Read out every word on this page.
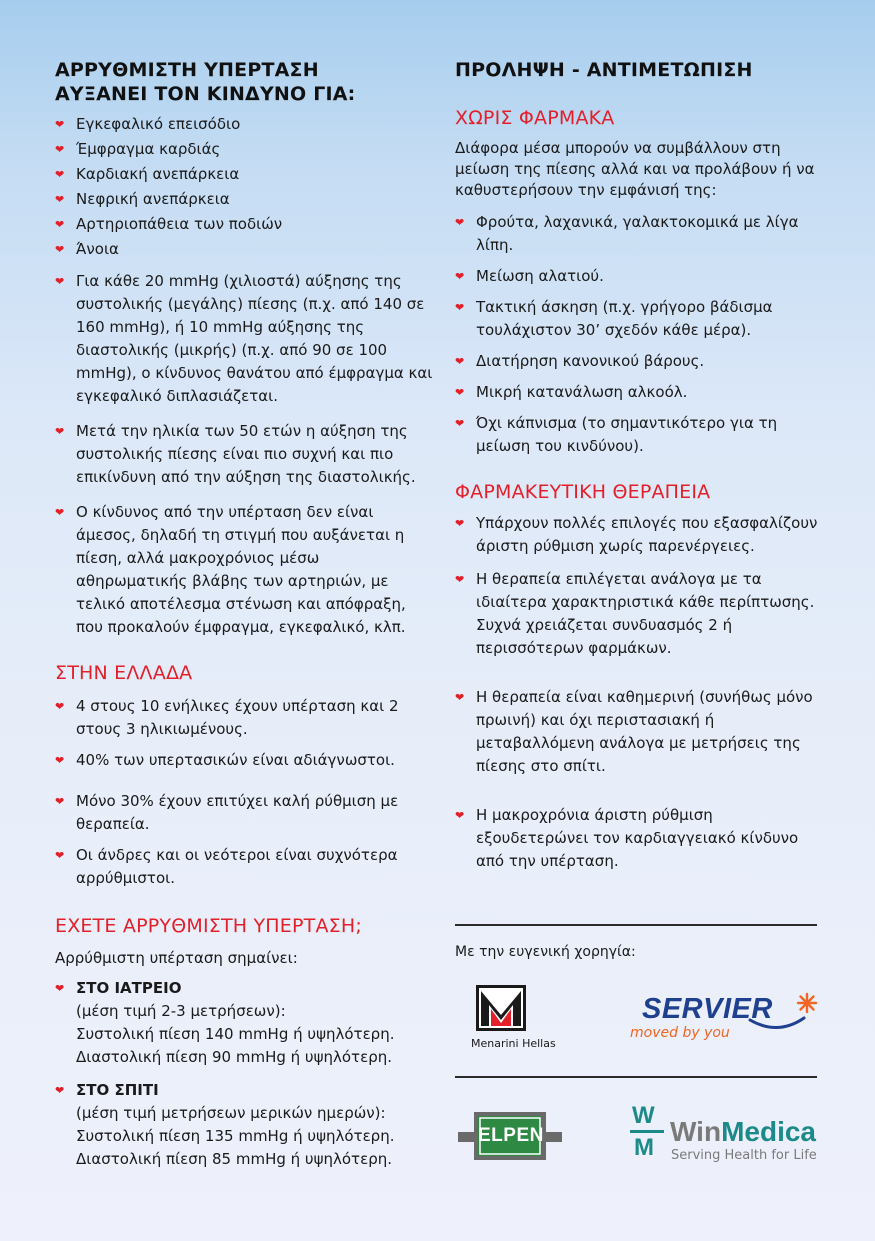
ΑΡΡΥΘΜΙΣΤΗ ΥΠΕΡΤΑΣΗ
ΑΥΞΑΝΕΙ ΤΟΝ ΚΙΝΔΥΝΟ ΓΙΑ:
❤ Εγκεφαλικό επεισόδιο
❤ Έμφραγμα καρδιάς
❤ Καρδιακή ανεπάρκεια
❤ Νεφρική ανεπάρκεια
❤ Αρτηριοπάθεια των ποδιών
❤ Άνοια
❤ Για κάθε 20 mmHg (χιλιοστά) αύξησης της συστολικής (μεγάλης) πίεσης (π.χ. από 140 σε 160 mmHg), ή 10 mmHg αύξησης της διαστολικής (μικρής) (π.χ. από 90 σε 100 mmHg), ο κίνδυνος θανάτου από έμφραγμα και εγκεφαλικό διπλασιάζεται.
❤ Μετά την ηλικία των 50 ετών η αύξηση της συστολικής πίεσης είναι πιο συχνή και πιο επικίνδυνη από την αύξηση της διαστολικής.
❤ Ο κίνδυνος από την υπέρταση δεν είναι άμεσος, δηλαδή τη στιγμή που αυξάνεται η πίεση, αλλά μακροχρόνιος μέσω αθηρωματικής βλάβης των αρτηριών, με τελικό αποτέλεσμα στένωση και απόφραξη, που προκαλούν έμφραγμα, εγκεφαλικό, κλπ.
ΣΤΗΝ ΕΛΛΑΔΑ
❤ 4 στους 10 ενήλικες έχουν υπέρταση και 2 στους 3 ηλικιωμένους.
❤ 40% των υπερτασικών είναι αδιάγνωστοι.
❤ Μόνο 30% έχουν επιτύχει καλή ρύθμιση με θεραπεία.
❤ Οι άνδρες και οι νεότεροι είναι συχνότερα αρρύθμιστοι.
ΕΧΕΤΕ ΑΡΡΥΘΜΙΣΤΗ ΥΠΕΡΤΑΣΗ;

Αρρύθμιστη υπέρταση σημαίνει:

❤ ΣΤΟ ΙΑΤΡΕΙΟ
(μέση τιμή 2-3 μετρήσεων):
Συστολική πίεση 140 mmHg ή υψηλότερη.
Διαστολική πίεση 90 mmHg ή υψηλότερη.
❤ ΣΤΟ ΣΠΙΤΙ
(μέση τιμή μετρήσεων μερικών ημερών):
Συστολική πίεση 135 mmHg ή υψηλότερη.
Διαστολική πίεση 85 mmHg ή υψηλότερη.
ΠΡΟΛΗΨΗ - ΑΝΤΙΜΕΤΩΠΙΣΗ
ΧΩΡΙΣ ΦΑΡΜΑΚΑ

Διάφορα μέσα μπορούν να συμβάλλουν στη μείωση της πίεσης αλλά και να προλάβουν ή να καθυστερήσουν την εμφάνισή της:

❤ Φρούτα, λαχανικά, γαλακτοκομικά με λίγα λίπη.
❤ Μείωση αλατιού.
❤ Τακτική άσκηση (π.χ. γρήγορο βάδισμα τουλάχιστον 30’ σχεδόν κάθε μέρα).
❤ Διατήρηση κανονικού βάρους.
❤ Μικρή κατανάλωση αλκοόλ.
❤ Όχι κάπνισμα (το σημαντικότερο για τη μείωση του κινδύνου).
ΦΑΡΜΑΚΕΥΤΙΚΗ ΘΕΡΑΠΕΙΑ
❤ Υπάρχουν πολλές επιλογές που εξασφαλίζουν άριστη ρύθμιση χωρίς παρενέργειες.
❤ Η θεραπεία επιλέγεται ανάλογα με τα ιδιαίτερα χαρακτηριστικά κάθε περίπτωσης. Συχνά χρειάζεται συνδυασμός 2 ή περισσότερων φαρμάκων.
❤ Η θεραπεία είναι καθημερινή (συνήθως μόνο πρωινή) και όχι περιστασιακή ή μεταβαλλόμενη ανάλογα με μετρήσεις της πίεσης στο σπίτι.
❤ Η μακροχρόνια άριστη ρύθμιση εξουδετερώνει τον καρδιαγγειακό κίνδυνο από την υπέρταση.
Με την ευγενική χορηγία:
Menarini Hellas
SERVIER
moved by you
ELPEN
W
M
WinMedica
Serving Health for Life
